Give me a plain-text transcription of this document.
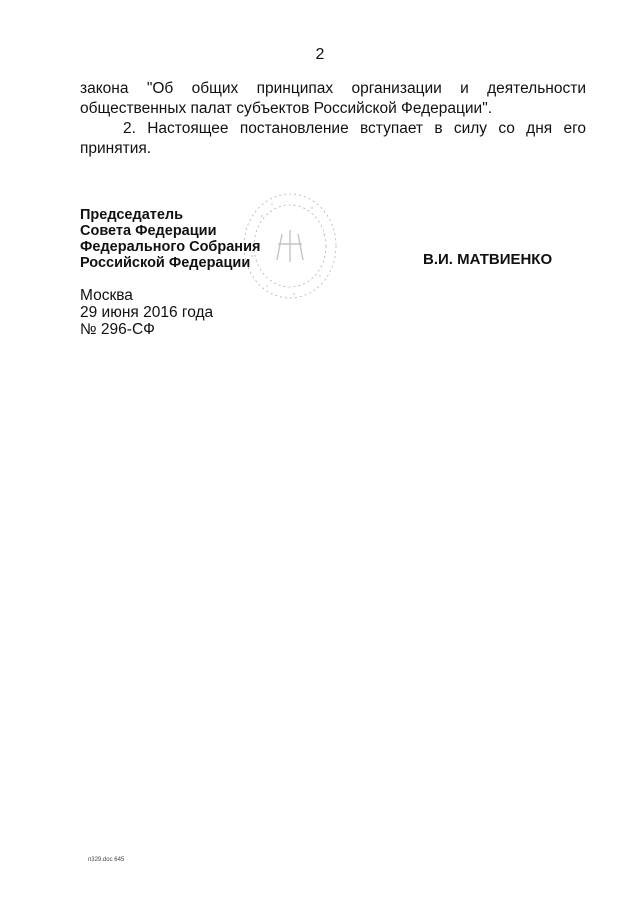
2
закона "Об общих принципах организации и деятельности
общественных палат субъектов Российской Федерации".
2. Настоящее постановление вступает в силу со дня его
принятия.
Председатель
Совета Федерации
Федерального Собрания
Российской Федерации	В.И. МАТВИЕНКО
Москва
29 июня 2016 года
№ 296-СФ
п329.doc 645
